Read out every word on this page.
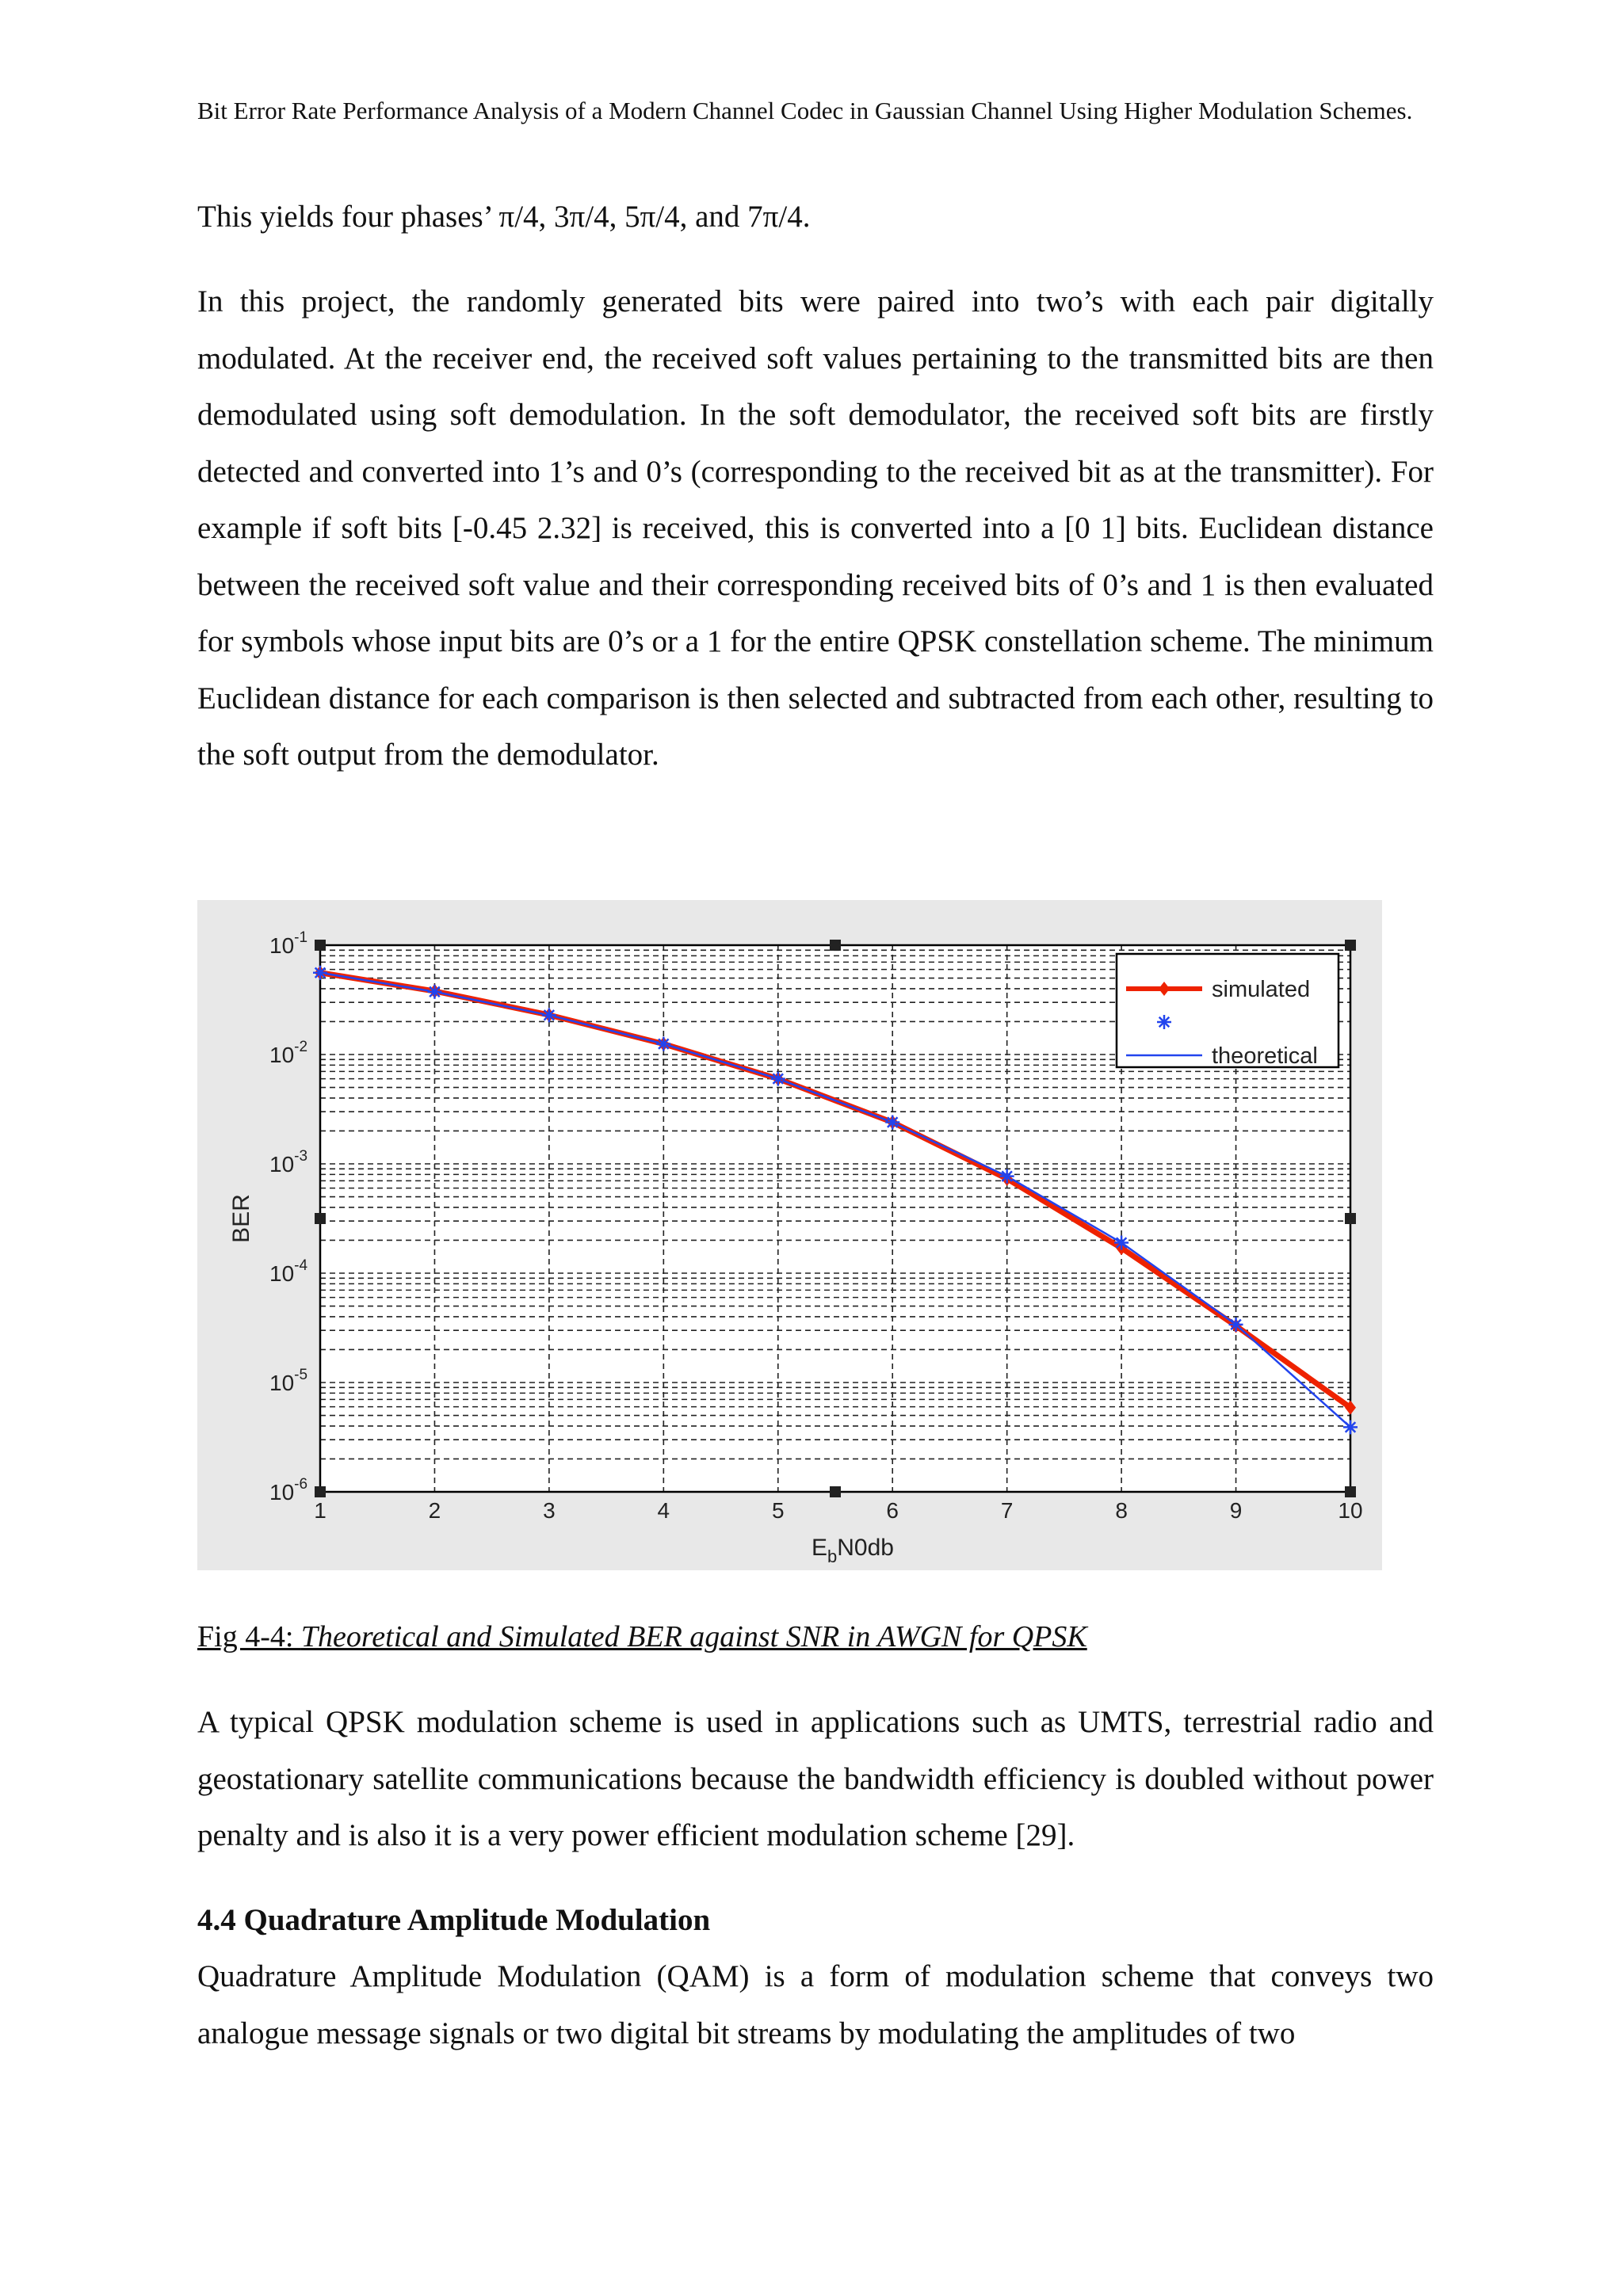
Bit Error Rate Performance Analysis of a Modern Channel Codec in Gaussian Channel Using Higher Modulation Schemes.
This yields four phases’ π/4, 3π/4, 5π/4, and 7π/4.

In this project, the randomly generated bits were paired into two’s with each pair digitally modulated. At the receiver end, the received soft values pertaining to the transmitted bits are then demodulated using soft demodulation. In the soft demodulator, the received soft bits are firstly detected and converted into 1’s and 0’s (corresponding to the received bit as at the transmitter). For example if soft bits [-0.45 2.32] is received, this is converted into a [0 1] bits. Euclidean distance between the received soft value and their corresponding received bits of 0’s and 1 is then evaluated for symbols whose input bits are 0’s or a 1 for the entire QPSK constellation scheme. The minimum Euclidean distance for each comparison is then selected and subtracted from each other, resulting to the soft output from the demodulator.

1	2	3	4	5	6	7	8	9	10
$10^{-1}$
$10^{-2}$
$10^{-3}$
$10^{-4}$
$10^{-5}$
$10^{-6}$
$E_bN0db$
BER
simulated
theoretical
Fig 4-4: Theoretical and Simulated BER against SNR in AWGN for QPSK

A typical QPSK modulation scheme is used in applications such as UMTS, terrestrial radio and geostationary satellite communications because the bandwidth efficiency is doubled without power penalty and is also it is a very power efficient modulation scheme [29].

4.4 Quadrature Amplitude Modulation

Quadrature Amplitude Modulation (QAM) is a form of modulation scheme that conveys two analogue message signals or two digital bit streams by modulating the amplitudes of two
